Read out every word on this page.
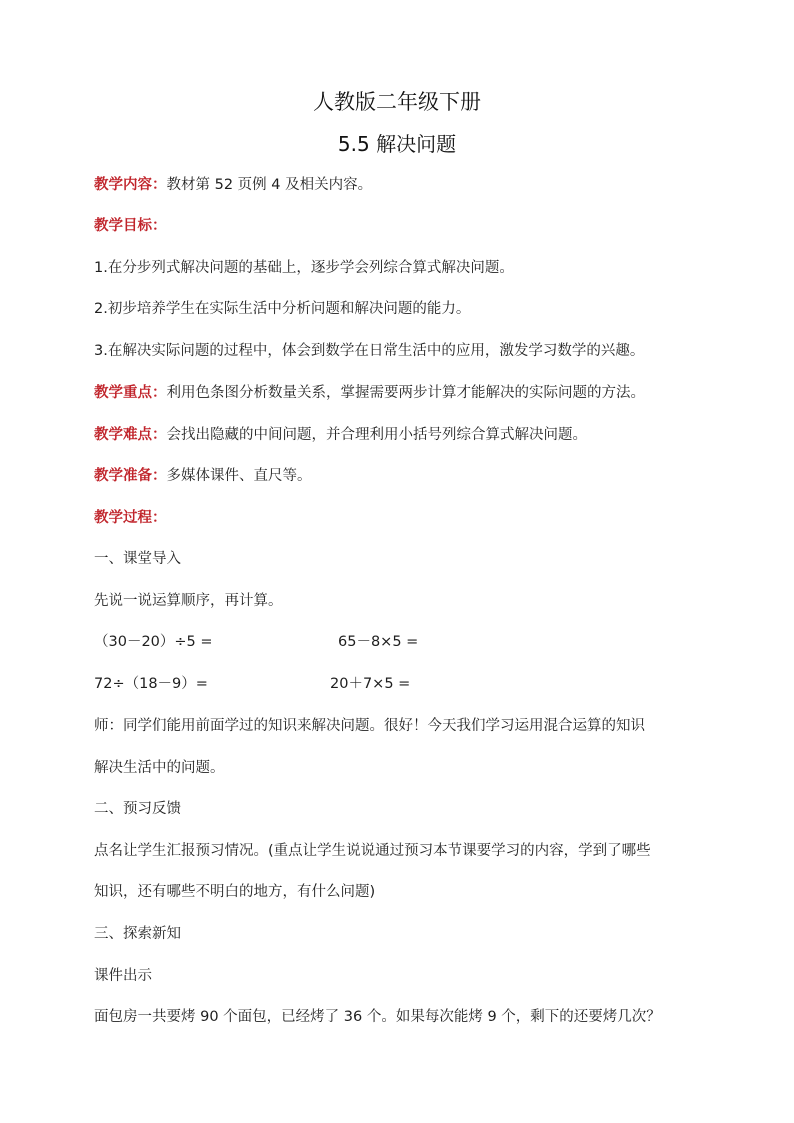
人教版二年级下册
5.5 解决问题
教学内容：教材第 52 页例 4 及相关内容。
教学目标：
1.在分步列式解决问题的基础上，逐步学会列综合算式解决问题。
2.初步培养学生在实际生活中分析问题和解决问题的能力。
3.在解决实际问题的过程中，体会到数学在日常生活中的应用，激发学习数学的兴趣。
教学重点：利用色条图分析数量关系，掌握需要两步计算才能解决的实际问题的方法。
教学难点：会找出隐藏的中间问题，并合理利用小括号列综合算式解决问题。
教学准备：多媒体课件、直尺等。
教学过程：
一、课堂导入
先说一说运算顺序，再计算。
（30－20）÷5 =	65－8×5 =
72÷（18－9）=	20＋7×5 =
师：同学们能用前面学过的知识来解决问题。很好！今天我们学习运用混合运算的知识
解决生活中的问题。
二、预习反馈
点名让学生汇报预习情况。(重点让学生说说通过预习本节课要学习的内容，学到了哪些
知识，还有哪些不明白的地方，有什么问题)
三、探索新知
课件出示
面包房一共要烤 90 个面包，已经烤了 36 个。如果每次能烤 9 个，剩下的还要烤几次？
